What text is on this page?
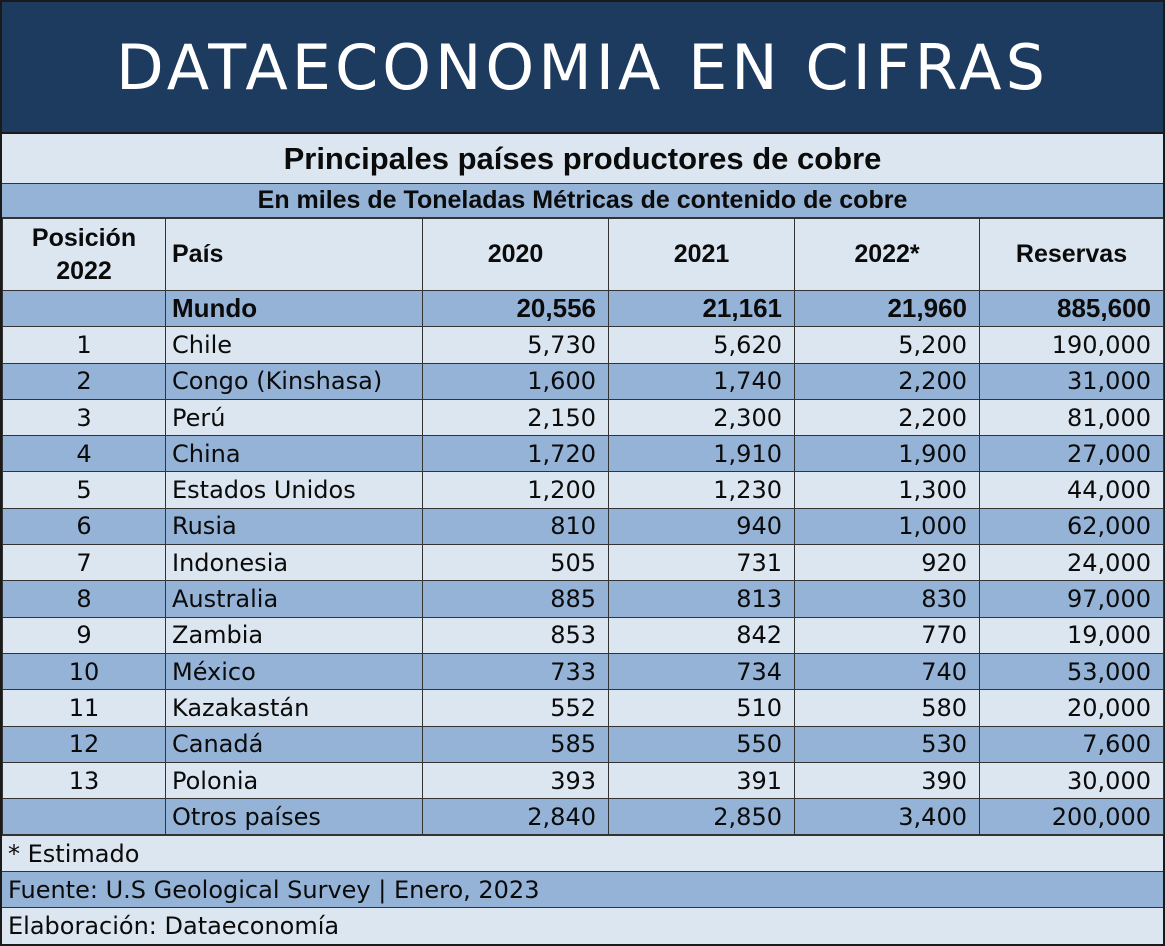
DATAECONOMIA EN CIFRAS
Principales países productores de cobre
En miles de Toneladas Métricas de contenido de cobre
Posición
2022	País	2020	2021	2022*	Reservas
	Mundo	20,556	21,161	21,960	885,600
1	Chile	5,730	5,620	5,200	190,000
2	Congo (Kinshasa)	1,600	1,740	2,200	31,000
3	Perú	2,150	2,300	2,200	81,000
4	China	1,720	1,910	1,900	27,000
5	Estados Unidos	1,200	1,230	1,300	44,000
6	Rusia	810	940	1,000	62,000
7	Indonesia	505	731	920	24,000
8	Australia	885	813	830	97,000
9	Zambia	853	842	770	19,000
10	México	733	734	740	53,000
11	Kazakastán	552	510	580	20,000
12	Canadá	585	550	530	7,600
13	Polonia	393	391	390	30,000
	Otros países	2,840	2,850	3,400	200,000
* Estimado
Fuente: U.S Geological Survey | Enero, 2023
Elaboración: Dataeconomía
